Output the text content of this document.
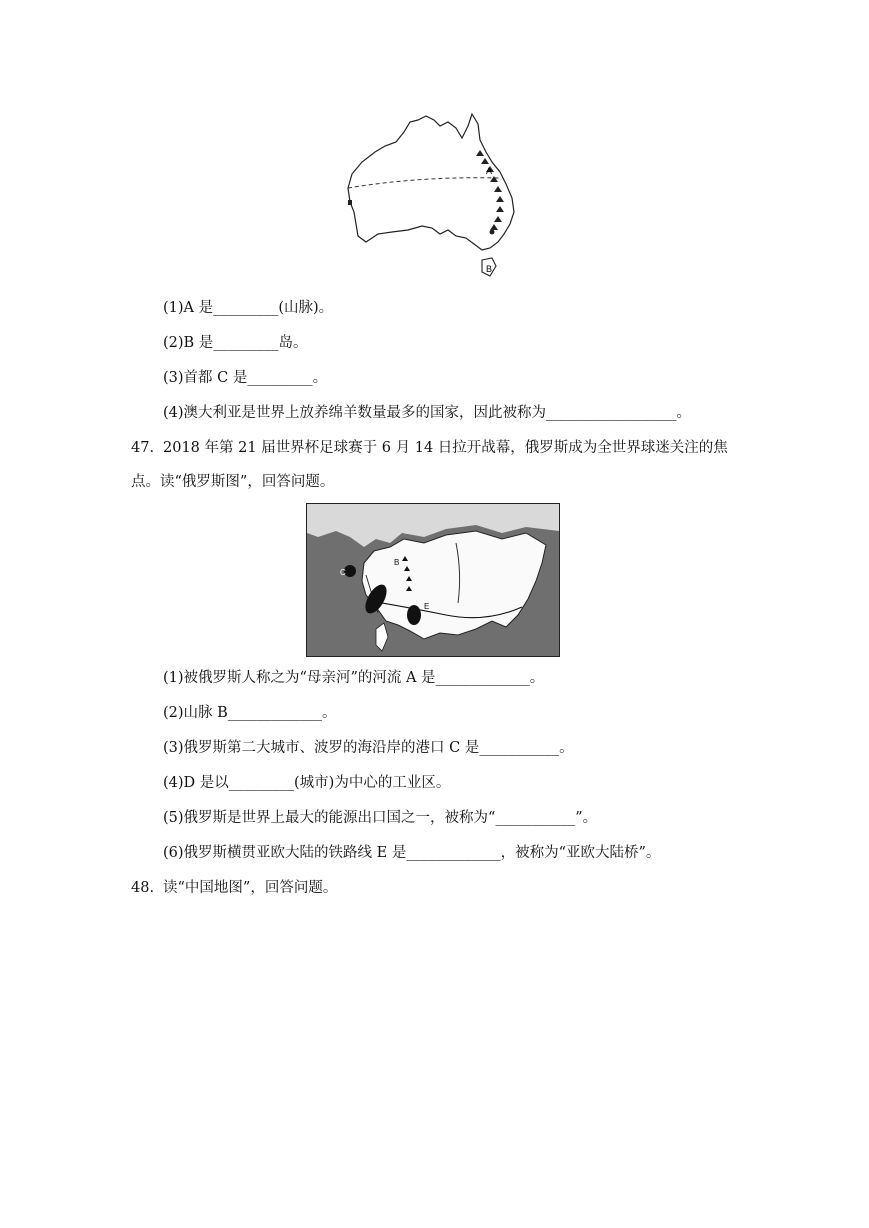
A
B
(1)A 是_________(山脉)。
(2)B 是_________岛。
(3)首都 C 是_________。
(4)澳大利亚是世界上放养绵羊数量最多的国家，因此被称为__________________。
47. 2018 年第 21 届世界杯足球赛于 6 月 14 日拉开战幕，俄罗斯成为全世界球迷关注的焦
点。读“俄罗斯图”，回答问题。
C
E
B
(1)被俄罗斯人称之为“母亲河”的河流 A 是_____________。
(2)山脉 B_____________。
(3)俄罗斯第二大城市、波罗的海沿岸的港口 C 是___________。
(4)D 是以_________(城市)为中心的工业区。
(5)俄罗斯是世界上最大的能源出口国之一，被称为“___________”。
(6)俄罗斯横贯亚欧大陆的铁路线 E 是_____________，被称为“亚欧大陆桥”。
48. 读“中国地图”，回答问题。
